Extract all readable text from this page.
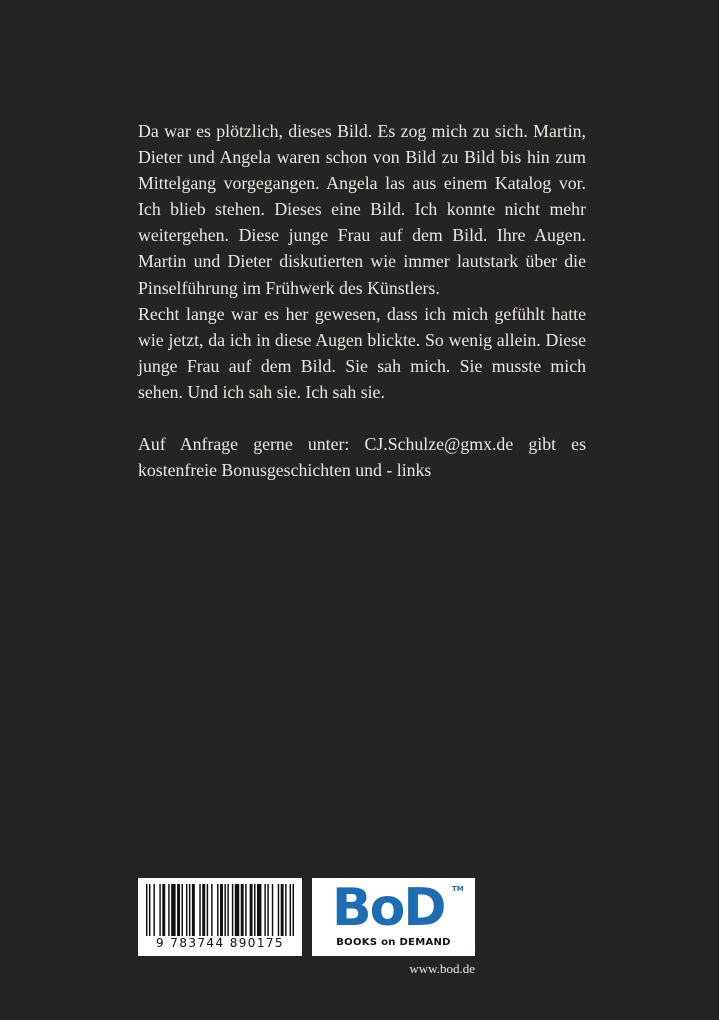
Da war es plötzlich, dieses Bild. Es zog mich zu sich. Martin, Dieter und Angela waren schon von Bild zu Bild bis hin zum Mittelgang vorgegangen. Angela las aus einem Katalog vor. Ich blieb stehen. Dieses eine Bild. Ich konnte nicht mehr weitergehen. Diese junge Frau auf dem Bild. Ihre Augen. Martin und Dieter diskutierten wie immer lautstark über die Pinselführung im Frühwerk des Künstlers.

Recht lange war es her gewesen, dass ich mich gefühlt hatte wie jetzt, da ich in diese Augen blickte. So wenig allein. Diese junge Frau auf dem Bild. Sie sah mich. Sie musste mich sehen. Und ich sah sie. Ich sah sie.

Auf Anfrage gerne unter: CJ.Schulze@gmx.de gibt es kostenfreie Bonusgeschichten und - links

9 783744 890175
BoD TM
BOOKS on DEMAND
www.bod.de
